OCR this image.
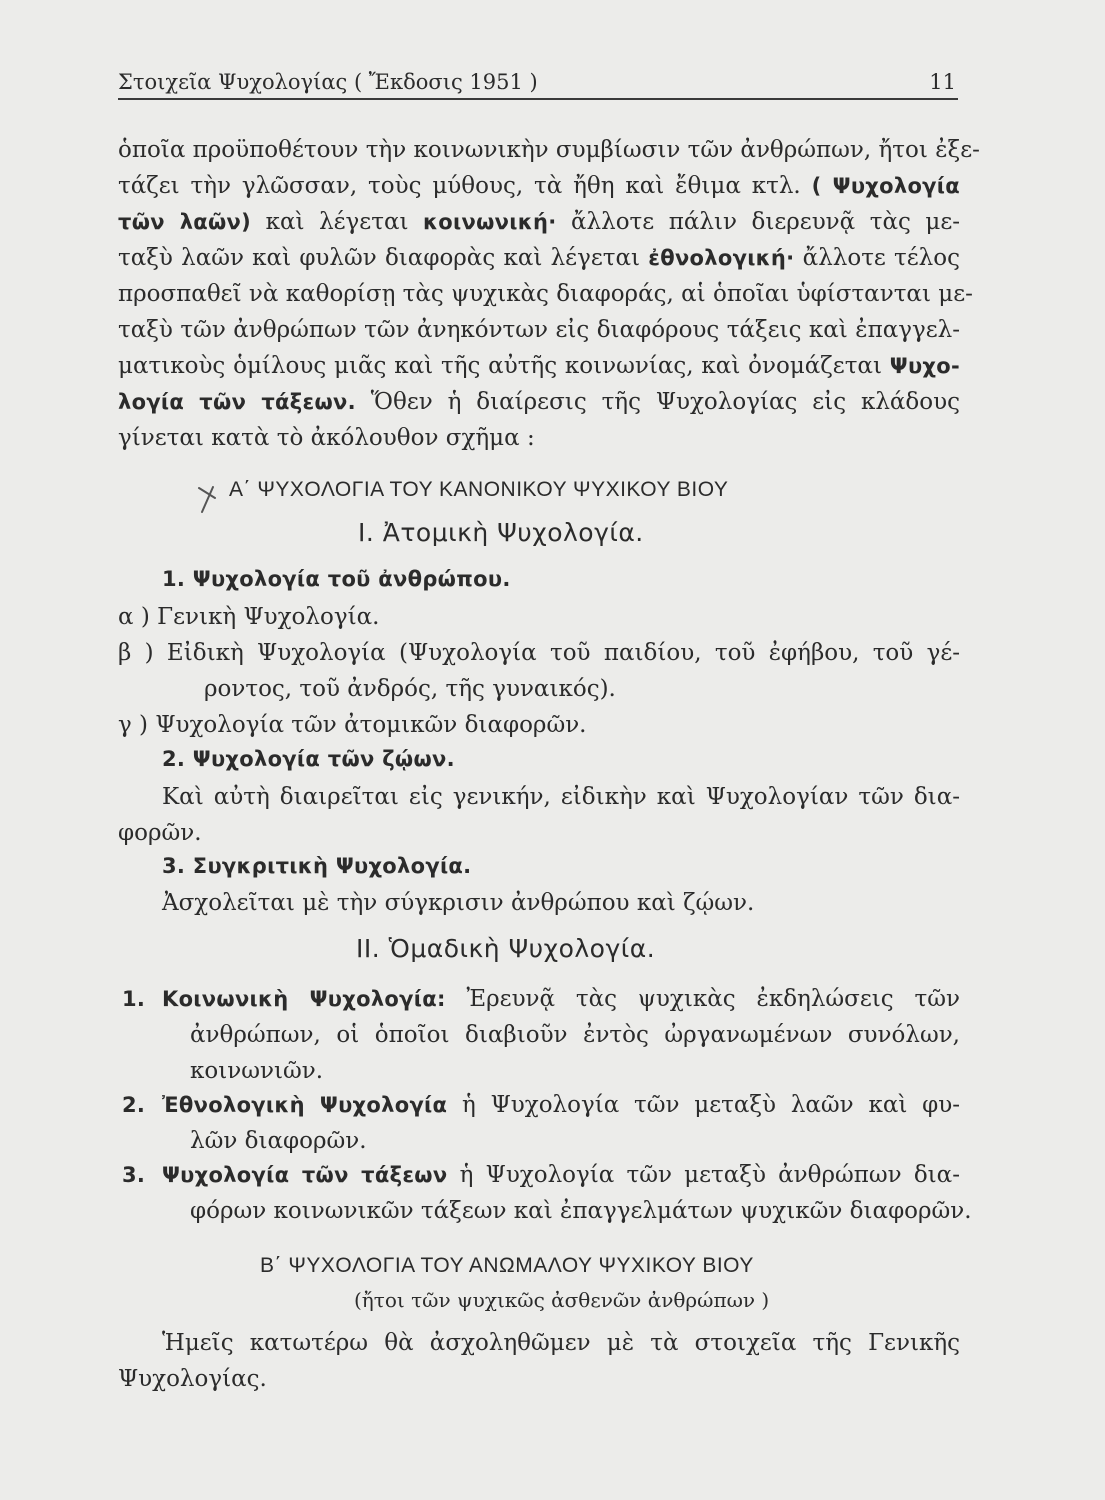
Στοιχεῖα Ψυχολογίας ( Ἔκδοσις 1951 )	11
ὁποῖα προϋποθέτουν τὴν κοινωνικὴν συμβίωσιν τῶν ἀνθρώπων, ἤτοι ἐξε-
τάζει τὴν γλῶσσαν, τοὺς μύθους, τὰ ἤθη καὶ ἔθιμα κτλ. ( Ψυχολογία
τῶν λαῶν) καὶ λέγεται κοινωνική· ἄλλοτε πάλιν διερευνᾷ τὰς με-
ταξὺ λαῶν καὶ φυλῶν διαφορὰς καὶ λέγεται ἐθνολογική· ἄλλοτε τέλος
προσπαθεῖ νὰ καθορίσῃ τὰς ψυχικὰς διαφοράς, αἱ ὁποῖαι ὑφίστανται με-
ταξὺ τῶν ἀνθρώπων τῶν ἀνηκόντων εἰς διαφόρους τάξεις καὶ ἐπαγγελ-
ματικοὺς ὁμίλους μιᾶς καὶ τῆς αὐτῆς κοινωνίας, καὶ ὀνομάζεται Ψυχο-
λογία τῶν τάξεων. Ὅθεν ἡ διαίρεσις τῆς Ψυχολογίας εἰς κλάδους
γίνεται κατὰ τὸ ἀκόλουθον σχῆμα :
Α΄ ΨΥΧΟΛΟΓΙΑ ΤΟΥ ΚΑΝΟΝΙΚΟΥ ΨΥΧΙΚΟΥ ΒΙΟΥ
Ι. Ἀτομικὴ Ψυχολογία.
1. Ψυχολογία τοῦ ἀνθρώπου.
α ) Γενικὴ Ψυχολογία.
β ) Εἰδικὴ Ψυχολογία (Ψυχολογία τοῦ παιδίου, τοῦ ἐφήβου, τοῦ γέ-
ροντος, τοῦ ἀνδρός, τῆς γυναικός).
γ ) Ψυχολογία τῶν ἀτομικῶν διαφορῶν.
2. Ψυχολογία τῶν ζῴων.
Καὶ αὐτὴ διαιρεῖται εἰς γενικήν, εἰδικὴν καὶ Ψυχολογίαν τῶν δια-
φορῶν.
3. Συγκριτικὴ Ψυχολογία.
Ἀσχολεῖται μὲ τὴν σύγκρισιν ἀνθρώπου καὶ ζῴων.
ΙΙ. Ὁμαδικὴ Ψυχολογία.
1. Κοινωνικὴ Ψυχολογία: Ἐρευνᾷ τὰς ψυχικὰς ἐκδηλώσεις τῶν
ἀνθρώπων, οἱ ὁποῖοι διαβιοῦν ἐντὸς ὠργανωμένων συνόλων,
κοινωνιῶν.
2. Ἐθνολογικὴ Ψυχολογία ἡ Ψυχολογία τῶν μεταξὺ λαῶν καὶ φυ-
λῶν διαφορῶν.
3. Ψυχολογία τῶν τάξεων ἡ Ψυχολογία τῶν μεταξὺ ἀνθρώπων δια-
φόρων κοινωνικῶν τάξεων καὶ ἐπαγγελμάτων ψυχικῶν διαφορῶν.
Β΄ ΨΥΧΟΛΟΓΙΑ ΤΟΥ ΑΝΩΜΑΛΟΥ ΨΥΧΙΚΟΥ ΒΙΟΥ
(ἤτοι τῶν ψυχικῶς ἀσθενῶν ἀνθρώπων )
Ἡμεῖς κατωτέρω θὰ ἀσχοληθῶμεν μὲ τὰ στοιχεῖα τῆς Γενικῆς
Ψυχολογίας.
